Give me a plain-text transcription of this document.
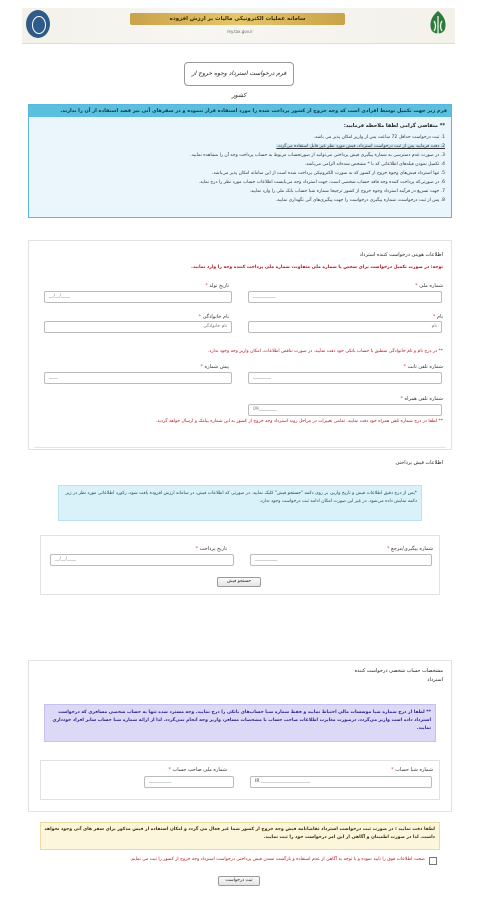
سامانه عملیات الکترونیکی مالیات بر ارزش افزوده
my.tax.gov.ir
فرم درخواست استرداد وجوه خروج از کشور
فرم زیر جهت تکمیل توسط افرادی است که وجه خروج از کشور پرداخت شده را مورد استفاده قرار ننموده و در سفرهای آتی نیز قصد استفاده از آن را ندارند.
** متقاضی گرامی لطفا ملاحظه فرمایید:
1. ثبت درخواست حداقل 72 ساعت پس از واریز امکان پذیر می باشد.
2. دقت فرمایید پس از ثبت درخواست استرداد، فیش مورد نظر غیر قابل استفاده می‌گردد.
3. در صورت عدم دسترسی به شماره پیگیری فیش پرداختی می‌توانید از صورتحساب مربوط به حساب پرداخت وجه آن را مشاهده نمایید.
4. تکمیل نمودن فیلدهای اطلاعاتی که با * مشخص شده‌اند الزامی می‌باشد.
5. تنها استرداد فیش‌های وجوه خروج از کشور که به صورت الکترونیکی پرداخت شده است از این سامانه امکان پذیر می‌باشد.
6. در صورتی‌که پرداخت کننده وجه فاقد حساب شخصی است، جهت استرداد وجه می‌بایست اطلاعات حساب مورد نظر را درج نماید.
7. جهت تسریع در فرآیند استرداد وجوه خروج از کشور ترجیحا شماره شبا حساب بانک ملی را وارد نمایید.
8. پس از ثبت درخواست، شماره پیگیری درخواست را جهت پیگیری‌های آتی نگهداری نمایید.
اطلاعات هویتی درخواست کننده استرداد
توجه: در صورت تکمیل درخواست برای شخص یا شماره ملی متفاوت، شماره ملی پرداخت کننده وجه را وارد نمایید.
شماره ملی *
__________
تاریخ تولد *
__/__/____
نام *
نام
نام خانوادگی *
نام خانوادگی
** در درج نام و نام خانوادگی منطبق با حساب بانکی خود دقت نمایید. در صورت تناقض اطلاعات، امکان واریز وجه وجود ندارد.
شماره تلفن ثابت *
________
پیش شماره *
____
شماره تلفن همراه *
09________
** لطفا در درج شماره تلفن همراه خود دقت نمایید. تمامی تغییرات در مراحل روند استرداد وجه خروج از کشور به این شماره پیامک و ارسال خواهد گردید.
اطلاعات فیش پرداختی
*پس از درج دقیق اطلاعات فیش و تاریخ واریز، بر روی دکمه "جستجو فیش" کلیک نمایید. در صورتی که اطلاعات فیش، در سامانه ارزش افزوده یافت شود، رکورد اطلاعاتی مورد نظر در زیر دکمه نمایش داده می‌شود. در غیر این صورت امکان ادامه ثبت درخواست وجود ندارد.
شماره پیگیری/مرجع *
__________
تاریخ پرداخت *
__/__/____
جستجو فیش
مشخصات حساب شخصی درخواست کننده
استرداد
** لطفا از درج شماره شبا موسسات مالی احتیاط نمایید و فقط شماره شبا حساب‌های بانکی را درج نمایید. وجه مسترد شده تنها به حساب شخصی مسافری که درخواست استرداد داده است واریز می‌گردد، درصورت مغایرت اطلاعات صاحب حساب با مشخصات مسافر، واریز وجه انجام نمی‌گردد. لذا از ارائه شماره شبا حساب سایر افراد خودداری نمایید.
شماره شبا حساب *
IR ______________________
شماره ملی صاحب حساب *
__________
لطفا دقت نمایید ؛ در صورت ثبت درخواست استرداد تقاضانامه فیش وجه خروج از کشور شما غیر فعال می گردد و امکان استفاده از فیش مذکور برای سفر های آتی وجود نخواهد داشت. لذا در صورت اطمینان و آگاهی از این امر درخواست خود را ثبت نمایید.
صحت اطلاعات فوق را تایید نموده و با توجه به آگاهی از عدم استفاده و بازگشت نشدن فیش پرداختی درخواست استرداد وجه خروج از کشور را ثبت می نمایم.
ثبت درخواست
